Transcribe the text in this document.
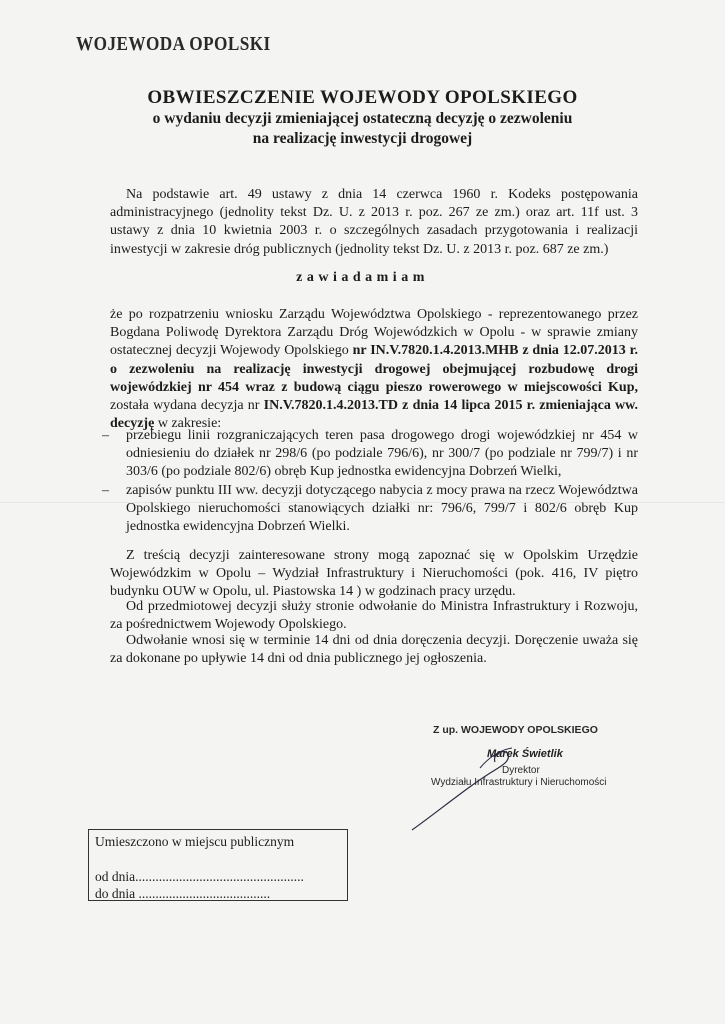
WOJEWODA OPOLSKI

OBWIESZCZENIE WOJEWODY OPOLSKIEGO

o wydaniu decyzji zmieniającej ostateczną decyzję o zezwoleniu

na realizację inwestycji drogowej

Na podstawie art. 49 ustawy z dnia 14 czerwca 1960 r. Kodeks postępowania administracyjnego (jednolity tekst Dz. U. z 2013 r. poz. 267 ze zm.) oraz art. 11f ust. 3 ustawy z dnia 10 kwietnia 2003 r. o szczególnych zasadach przygotowania i realizacji inwestycji w zakresie dróg publicznych (jednolity tekst Dz. U. z 2013 r. poz. 687 ze zm.)

zawiadamiam

że po rozpatrzeniu wniosku Zarządu Województwa Opolskiego - reprezentowanego przez Bogdana Poliwodę Dyrektora Zarządu Dróg Wojewódzkich w Opolu - w sprawie zmiany ostatecznej decyzji Wojewody Opolskiego nr IN.V.7820.1.4.2013.MHB z dnia 12.07.2013 r. o zezwoleniu na realizację inwestycji drogowej obejmującej rozbudowę drogi wojewódzkiej nr 454 wraz z budową ciągu pieszo rowerowego w miejscowości Kup, została wydana decyzja nr IN.V.7820.1.4.2013.TD z dnia 14 lipca 2015 r. zmieniająca ww. decyzję w zakresie:

– przebiegu linii rozgraniczających teren pasa drogowego drogi wojewódzkiej nr 454 w odniesieniu do działek nr 298/6 (po podziale 796/6), nr 300/7 (po podziale nr 799/7) i nr 303/6 (po podziale 802/6) obręb Kup jednostka ewidencyjna Dobrzeń Wielki,
– zapisów punktu III ww. decyzji dotyczącego nabycia z mocy prawa na rzecz Województwa Opolskiego nieruchomości stanowiących działki nr: 796/6, 799/7 i 802/6 obręb Kup jednostka ewidencyjna Dobrzeń Wielki.

Z treścią decyzji zainteresowane strony mogą zapoznać się w Opolskim Urzędzie Wojewódzkim w Opolu – Wydział Infrastruktury i Nieruchomości (pok. 416, IV piętro budynku OUW w Opolu, ul. Piastowska 14 ) w godzinach pracy urzędu.

Od przedmiotowej decyzji służy stronie odwołanie do Ministra Infrastruktury i Rozwoju, za pośrednictwem Wojewody Opolskiego.

Odwołanie wnosi się w terminie 14 dni od dnia doręczenia decyzji. Doręczenie uważa się za dokonane po upływie 14 dni od dnia publicznego jej ogłoszenia.

Z up. WOJEWODY OPOLSKIEGO
Marek Świetlik
Dyrektor
Wydziału Infrastruktury i Nieruchomości
Umieszczono w miejscu publicznym
od dnia..................................................
do dnia .......................................
